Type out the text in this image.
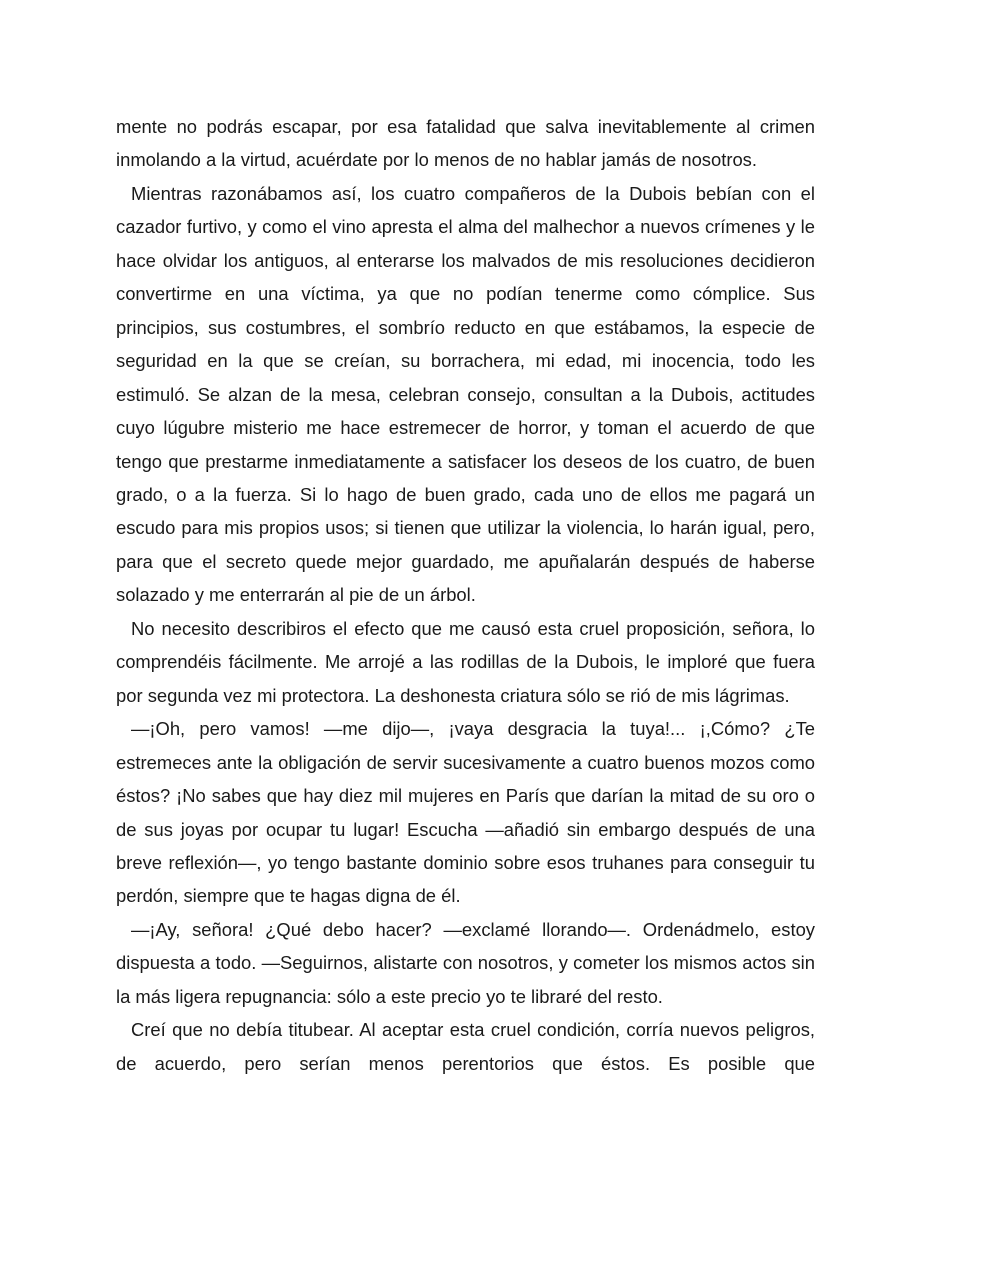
mente no podrás escapar, por esa fatalidad que salva inevitablemente al crimen inmolando a la virtud, acuérdate por lo menos de no hablar jamás de nosotros.

Mientras razonábamos así, los cuatro compañeros de la Dubois bebían con el cazador furtivo, y como el vino apresta el alma del malhechor a nuevos crímenes y le hace olvidar los antiguos, al enterarse los malvados de mis resoluciones decidieron convertirme en una víctima, ya que no podían tenerme como cómplice. Sus principios, sus costumbres, el sombrío reducto en que estábamos, la especie de seguridad en la que se creían, su borrachera, mi edad, mi inocencia, todo les estimuló. Se alzan de la mesa, celebran consejo, consultan a la Dubois, actitudes cuyo lúgubre misterio me hace estremecer de horror, y toman el acuerdo de que tengo que prestarme inmediatamente a satisfacer los deseos de los cuatro, de buen grado, o a la fuerza. Si lo hago de buen grado, cada uno de ellos me pagará un escudo para mis propios usos; si tienen que utilizar la violencia, lo harán igual, pero, para que el secreto quede mejor guardado, me apuñalarán después de haberse solazado y me enterrarán al pie de un árbol.

No necesito describiros el efecto que me causó esta cruel proposición, señora, lo comprendéis fácilmente. Me arrojé a las rodillas de la Dubois, le imploré que fuera por segunda vez mi protectora. La deshonesta criatura sólo se rió de mis lágrimas.

—¡Oh, pero vamos! —me dijo—, ¡vaya desgracia la tuya!... ¡,Cómo? ¿Te estremeces ante la obligación de servir sucesivamente a cuatro buenos mozos como éstos? ¡No sabes que hay diez mil mujeres en París que darían la mitad de su oro o de sus joyas por ocupar tu lugar! Escucha —añadió sin embargo después de una breve reflexión—, yo tengo bastante dominio sobre esos truhanes para conseguir tu perdón, siempre que te hagas digna de él.

—¡Ay, señora! ¿Qué debo hacer? —exclamé llorando—. Ordenádmelo, estoy dispuesta a todo. —Seguirnos, alistarte con nosotros, y cometer los mismos actos sin la más ligera repugnancia: sólo a este precio yo te libraré del resto.

Creí que no debía titubear. Al aceptar esta cruel condición, corría nuevos peligros, de acuerdo, pero serían menos perentorios que éstos. Es posible que
